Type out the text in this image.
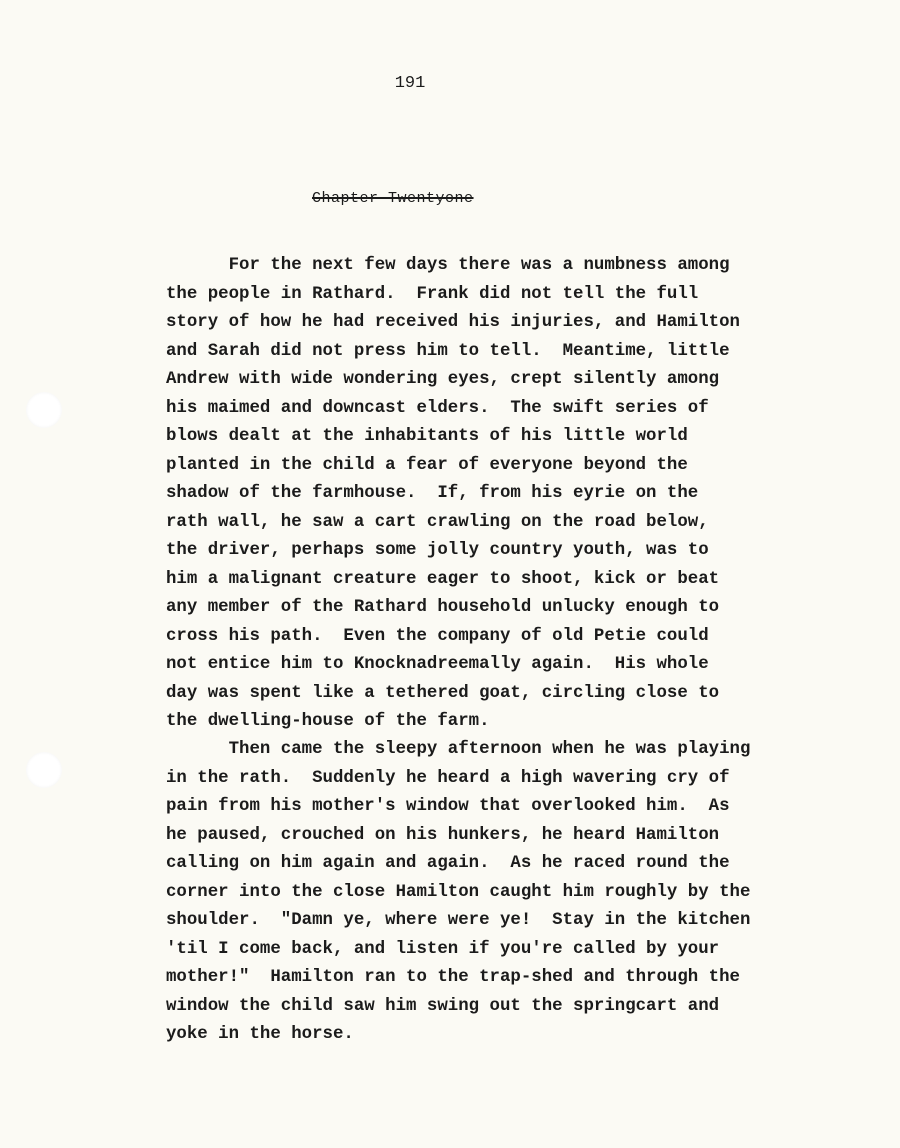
191
Chapter Twentyone
For the next few days there was a numbness among
the people in Rathard.  Frank did not tell the full
story of how he had received his injuries, and Hamilton
and Sarah did not press him to tell.  Meantime, little
Andrew with wide wondering eyes, crept silently among
his maimed and downcast elders.  The swift series of
blows dealt at the inhabitants of his little world
planted in the child a fear of everyone beyond the
shadow of the farmhouse.  If, from his eyrie on the
rath wall, he saw a cart crawling on the road below,
the driver, perhaps some jolly country youth, was to
him a malignant creature eager to shoot, kick or beat
any member of the Rathard household unlucky enough to
cross his path.  Even the company of old Petie could
not entice him to Knocknadreemally again.  His whole
day was spent like a tethered goat, circling close to
the dwelling-house of the farm.
Then came the sleepy afternoon when he was playing
in the rath.  Suddenly he heard a high wavering cry of
pain from his mother's window that overlooked him.  As
he paused, crouched on his hunkers, he heard Hamilton
calling on him again and again.  As he raced round the
corner into the close Hamilton caught him roughly by the
shoulder.  "Damn ye, where were ye!  Stay in the kitchen
'til I come back, and listen if you're called by your
mother!"  Hamilton ran to the trap-shed and through the
window the child saw him swing out the springcart and
yoke in the horse.
